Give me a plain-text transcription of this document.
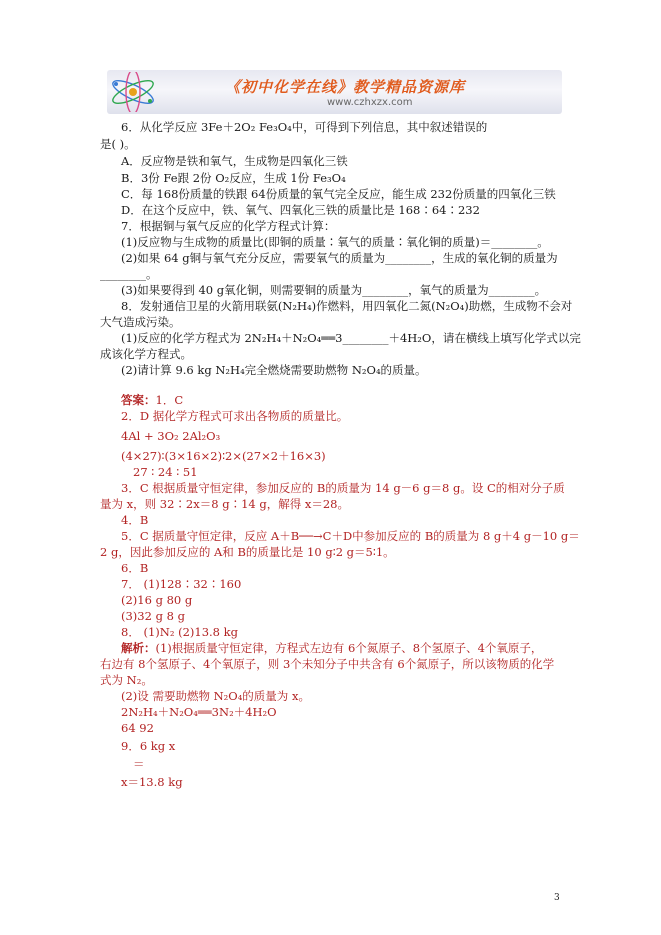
《初中化学在线》教学精品资源库
www.czhxzx.com
6．从化学反应 3Fe＋2O₂ Fe₃O₄中，可得到下列信息，其中叙述错误的
是( )。
A．反应物是铁和氧气，生成物是四氧化三铁
B．3份 Fe跟 2份 O₂反应，生成 1份 Fe₃O₄
C．每 168份质量的铁跟 64份质量的氧气完全反应，能生成 232份质量的四氧化三铁
D．在这个反应中，铁、氧气、四氧化三铁的质量比是 168∶64∶232
7．根据铜与氧气反应的化学方程式计算：
(1)反应物与生成物的质量比(即铜的质量∶氧气的质量∶氧化铜的质量)＝________。
(2)如果 64 g铜与氧气充分反应，需要氧气的质量为________，生成的氧化铜的质量为
________。
(3)如果要得到 40 g氧化铜，则需要铜的质量为________，氧气的质量为________。
8．发射通信卫星的火箭用联氨(N₂H₄)作燃料，用四氧化二氮(N₂O₄)助燃，生成物不会对
大气造成污染。
(1)反应的化学方程式为 2N₂H₄＋N₂O₄══3________＋4H₂O，请在横线上填写化学式以完
成该化学方程式。
(2)请计算 9.6 kg N₂H₄完全燃烧需要助燃物 N₂O₄的质量。
答案：1．C
2．D 据化学方程式可求出各物质的质量比。
4Al + 3O₂ 2Al₂O₃
(4×27)∶(3×16×2)∶2×(27×2＋16×3)
27 ∶ 24 ∶ 51
3．C 根据质量守恒定律，参加反应的 B的质量为 14 g－6 g＝8 g。设 C的相对分子质
量为 x，则 32∶2x＝8 g∶14 g，解得 x＝28。
4．B
5．C 据质量守恒定律，反应 A＋B──→C＋D中参加反应的 B的质量为 8 g＋4 g－10 g＝
2 g，因此参加反应的 A和 B的质量比是 10 g∶2 g＝5∶1。
6．B
7． (1)128∶32∶160
(2)16 g 80 g
(3)32 g 8 g
8． (1)N₂ (2)13.8 kg
解析：(1)根据质量守恒定律，方程式左边有 6个氮原子、8个氢原子、4个氧原子，
右边有 8个氢原子、4个氧原子，则 3个未知分子中共含有 6个氮原子，所以该物质的化学
式为 N₂。
(2)设 需要助燃物 N₂O₄的质量为 x。
2N₂H₄＋N₂O₄══3N₂＋4H₂O
64 92
9．6 kg x
＝
x＝13.8 kg
3
